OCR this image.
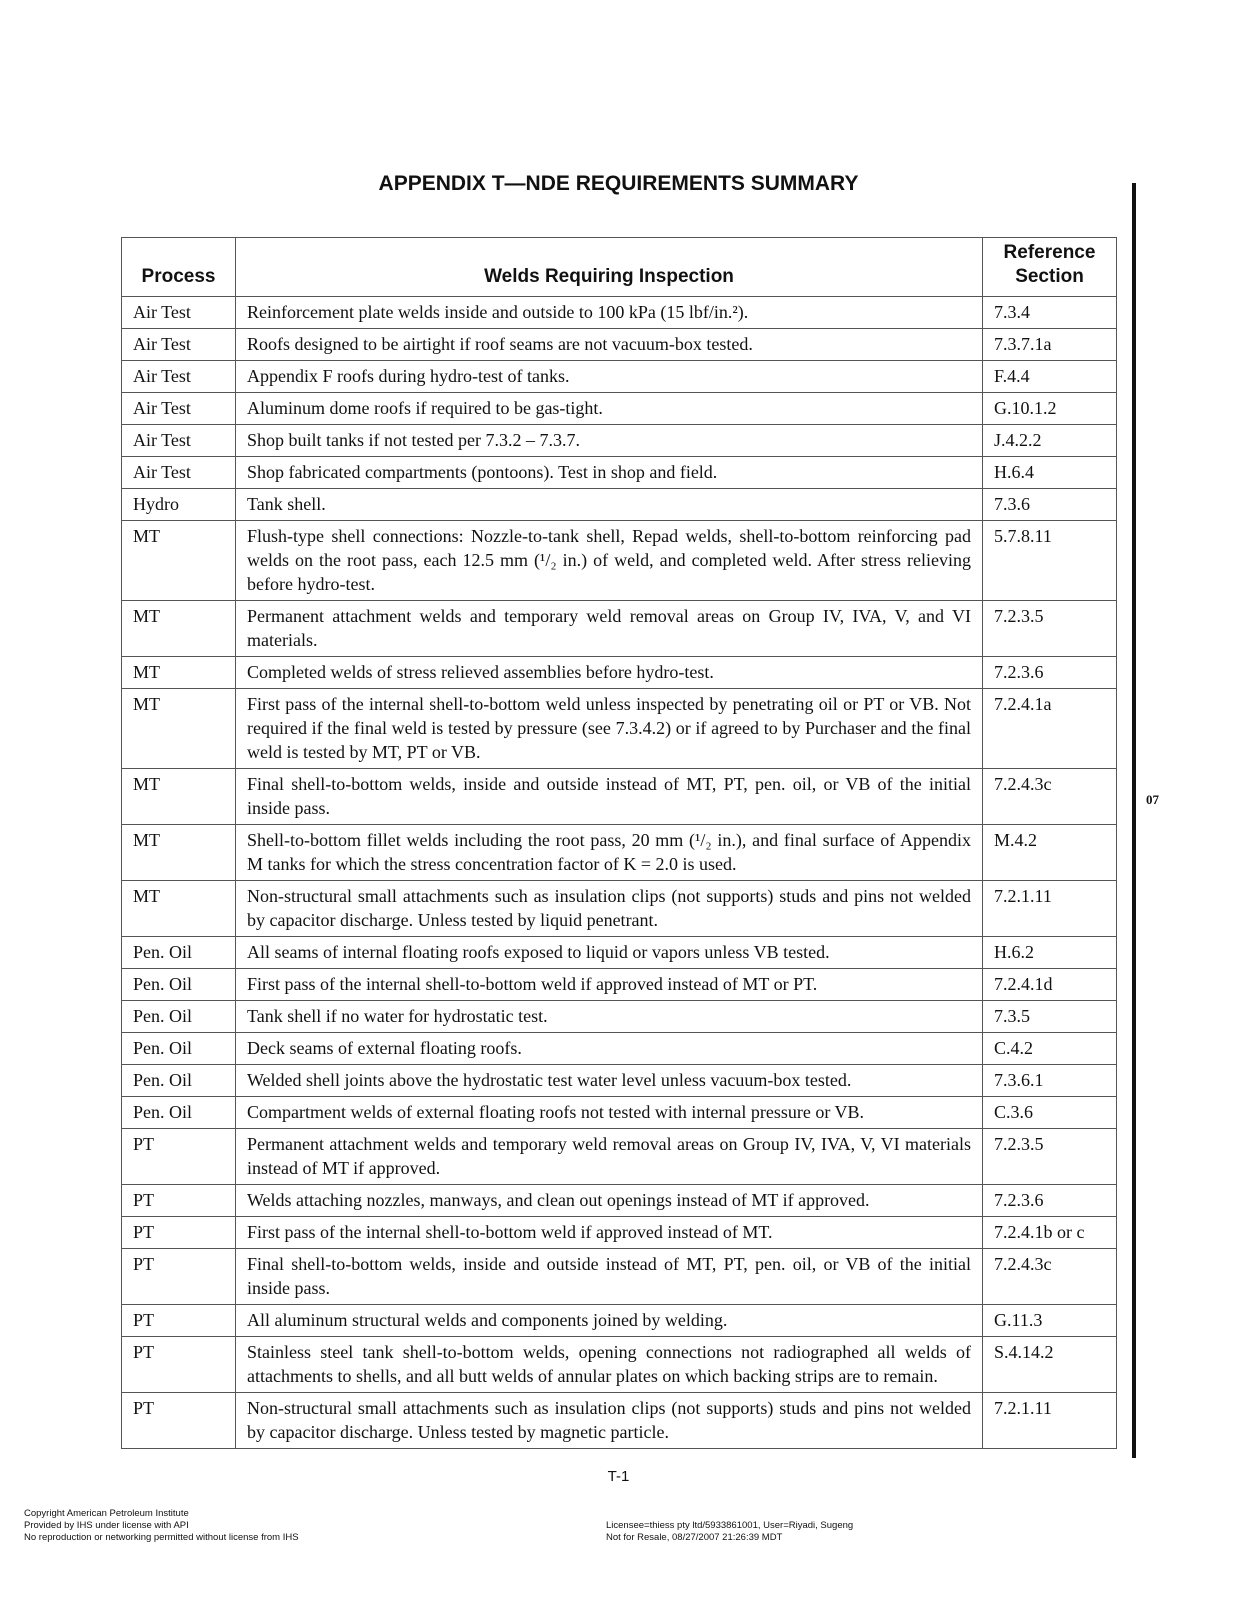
APPENDIX T—NDE REQUIREMENTS SUMMARY
Process	Welds Requiring Inspection	Reference Section
Air Test	Reinforcement plate welds inside and outside to 100 kPa (15 lbf/in.²).	7.3.4
Air Test	Roofs designed to be airtight if roof seams are not vacuum-box tested.	7.3.7.1a
Air Test	Appendix F roofs during hydro-test of tanks.	F.4.4
Air Test	Aluminum dome roofs if required to be gas-tight.	G.10.1.2
Air Test	Shop built tanks if not tested per 7.3.2 – 7.3.7.	J.4.2.2
Air Test	Shop fabricated compartments (pontoons). Test in shop and field.	H.6.4
Hydro	Tank shell.	7.3.6
MT	Flush-type shell connections: Nozzle-to-tank shell, Repad welds, shell-to-bottom reinforcing pad welds on the root pass, each 12.5 mm (¹/₂ in.) of weld, and completed weld. After stress relieving before hydro-test.	5.7.8.11
MT	Permanent attachment welds and temporary weld removal areas on Group IV, IVA, V, and VI materials.	7.2.3.5
MT	Completed welds of stress relieved assemblies before hydro-test.	7.2.3.6
MT	First pass of the internal shell-to-bottom weld unless inspected by penetrating oil or PT or VB. Not required if the final weld is tested by pressure (see 7.3.4.2) or if agreed to by Purchaser and the final weld is tested by MT, PT or VB.	7.2.4.1a
MT	Final shell-to-bottom welds, inside and outside instead of MT, PT, pen. oil, or VB of the initial inside pass.	7.2.4.3c
MT	Shell-to-bottom fillet welds including the root pass, 20 mm (¹/₂ in.), and final surface of Appendix M tanks for which the stress concentration factor of K = 2.0 is used.	M.4.2
MT	Non-structural small attachments such as insulation clips (not supports) studs and pins not welded by capacitor discharge. Unless tested by liquid penetrant.	7.2.1.11
Pen. Oil	All seams of internal floating roofs exposed to liquid or vapors unless VB tested.	H.6.2
Pen. Oil	First pass of the internal shell-to-bottom weld if approved instead of MT or PT.	7.2.4.1d
Pen. Oil	Tank shell if no water for hydrostatic test.	7.3.5
Pen. Oil	Deck seams of external floating roofs.	C.4.2
Pen. Oil	Welded shell joints above the hydrostatic test water level unless vacuum-box tested.	7.3.6.1
Pen. Oil	Compartment welds of external floating roofs not tested with internal pressure or VB.	C.3.6
PT	Permanent attachment welds and temporary weld removal areas on Group IV, IVA, V, VI materials instead of MT if approved.	7.2.3.5
PT	Welds attaching nozzles, manways, and clean out openings instead of MT if approved.	7.2.3.6
PT	First pass of the internal shell-to-bottom weld if approved instead of MT.	7.2.4.1b or c
PT	Final shell-to-bottom welds, inside and outside instead of MT, PT, pen. oil, or VB of the initial inside pass.	7.2.4.3c
PT	All aluminum structural welds and components joined by welding.	G.11.3
PT	Stainless steel tank shell-to-bottom welds, opening connections not radiographed all welds of attachments to shells, and all butt welds of annular plates on which backing strips are to remain.	S.4.14.2
PT	Non-structural small attachments such as insulation clips (not supports) studs and pins not welded by capacitor discharge. Unless tested by magnetic particle.	7.2.1.11
07
T-1
Copyright American Petroleum Institute
Provided by IHS under license with API
No reproduction or networking permitted without license from IHS
Licensee=thiess pty ltd/5933861001, User=Riyadi, Sugeng
Not for Resale, 08/27/2007 21:26:39 MDT
